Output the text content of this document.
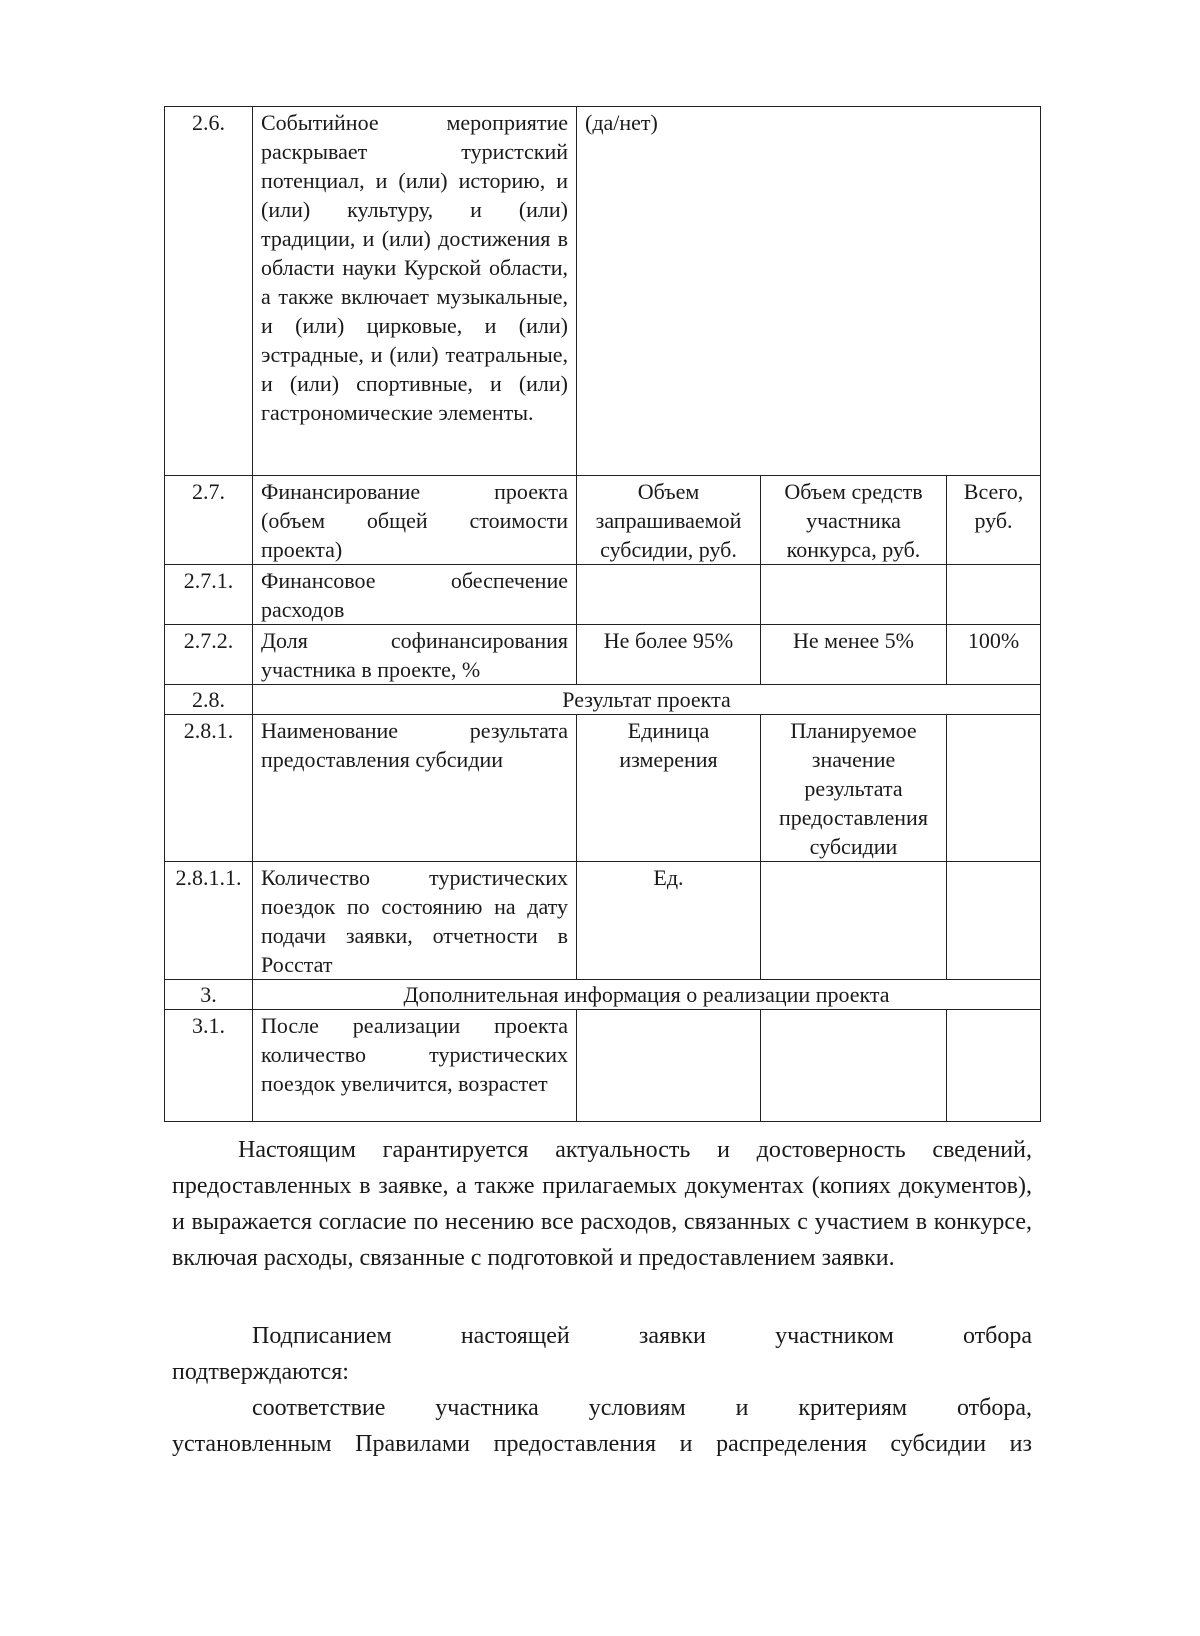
2.6.	Событийное мероприятие раскрывает туристский потенциал, и (или) историю, и (или) культуру, и (или) традиции, и (или) достижения в области науки Курской области, а также включает музыкальные, и (или) цирковые, и (или) эстрадные, и (или) театральные, и (или) спортивные, и (или) гастрономические элементы.	(да/нет)		
2.7.	Финансирование проекта (объем общей стоимости проекта)	Объем запрашиваемой субсидии, руб.	Объем средств участника конкурса, руб.	Всего, руб.
2.7.1.	Финансовое обеспечение расходов			
2.7.2.	Доля софинансирования участника в проекте, %	Не более 95%	Не менее 5%	100%
2.8.	Результат проекта			
2.8.1.	Наименование результата предоставления субсидии	Единица измерения	Планируемое значение результата предоставления субсидии	
2.8.1.1.	Количество туристических поездок по состоянию на дату подачи заявки, отчетности в Росстат	Ед.		
3.	Дополнительная информация о реализации проекта			
3.1.	После реализации проекта количество туристических поездок увеличится, возрастет			
Настоящим гарантируется актуальность и достоверность сведений, предоставленных в заявке, а также прилагаемых документах (копиях документов), и выражается согласие по несению все расходов, связанных с участием в конкурсе, включая расходы, связанные с подготовкой и предоставлением заявки.
Подписанием настоящей заявки участником отбора
подтверждаются:
соответствие участника условиям и критериям отбора,
установленным Правилами предоставления и распределения субсидии из
